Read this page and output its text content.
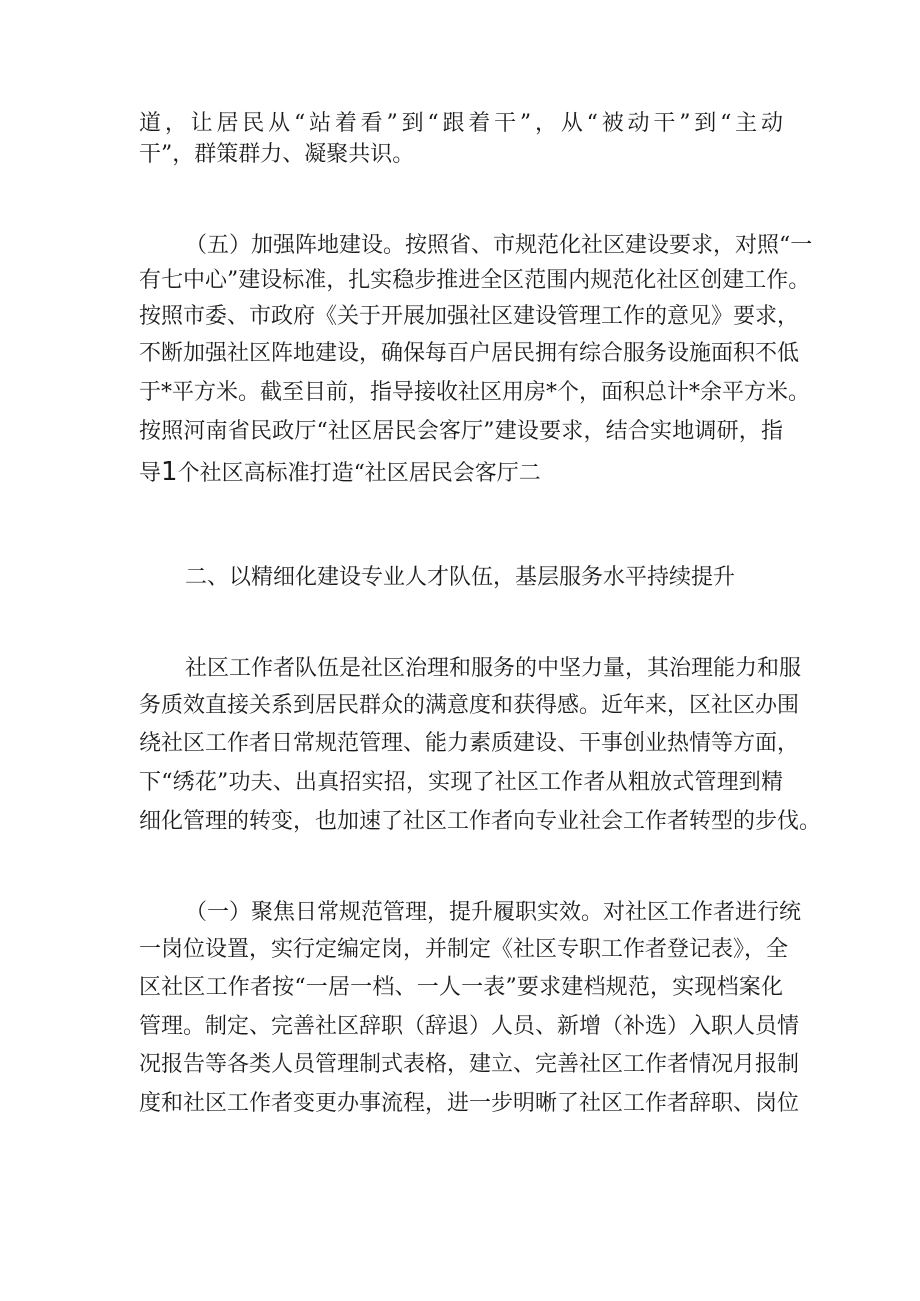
道，让居民从“站着看”到“跟着干”，从“被动干”到“主动
干”，群策群力、凝聚共识。
（五）加强阵地建设。按照省、市规范化社区建设要求，对照“一
有七中心”建设标准，扎实稳步推进全区范围内规范化社区创建工作。
按照市委、市政府《关于开展加强社区建设管理工作的意见》要求，
不断加强社区阵地建设，确保每百户居民拥有综合服务设施面积不低
于*平方米。截至目前，指导接收社区用房*个，面积总计*余平方米。
按照河南省民政厅“社区居民会客厅”建设要求，结合实地调研，指
导1个社区高标准打造“社区居民会客厅二
二、以精细化建设专业人才队伍，基层服务水平持续提升
社区工作者队伍是社区治理和服务的中坚力量，其治理能力和服
务质效直接关系到居民群众的满意度和获得感。近年来，区社区办围
绕社区工作者日常规范管理、能力素质建设、干事创业热情等方面，
下“绣花”功夫、出真招实招，实现了社区工作者从粗放式管理到精
细化管理的转变，也加速了社区工作者向专业社会工作者转型的步伐。
（一）聚焦日常规范管理，提升履职实效。对社区工作者进行统
一岗位设置，实行定编定岗，并制定《社区专职工作者登记表》，全
区社区工作者按“一居一档、一人一表”要求建档规范，实现档案化
管理。制定、完善社区辞职（辞退）人员、新增（补选）入职人员情
况报告等各类人员管理制式表格，建立、完善社区工作者情况月报制
度和社区工作者变更办事流程，进一步明晰了社区工作者辞职、岗位
